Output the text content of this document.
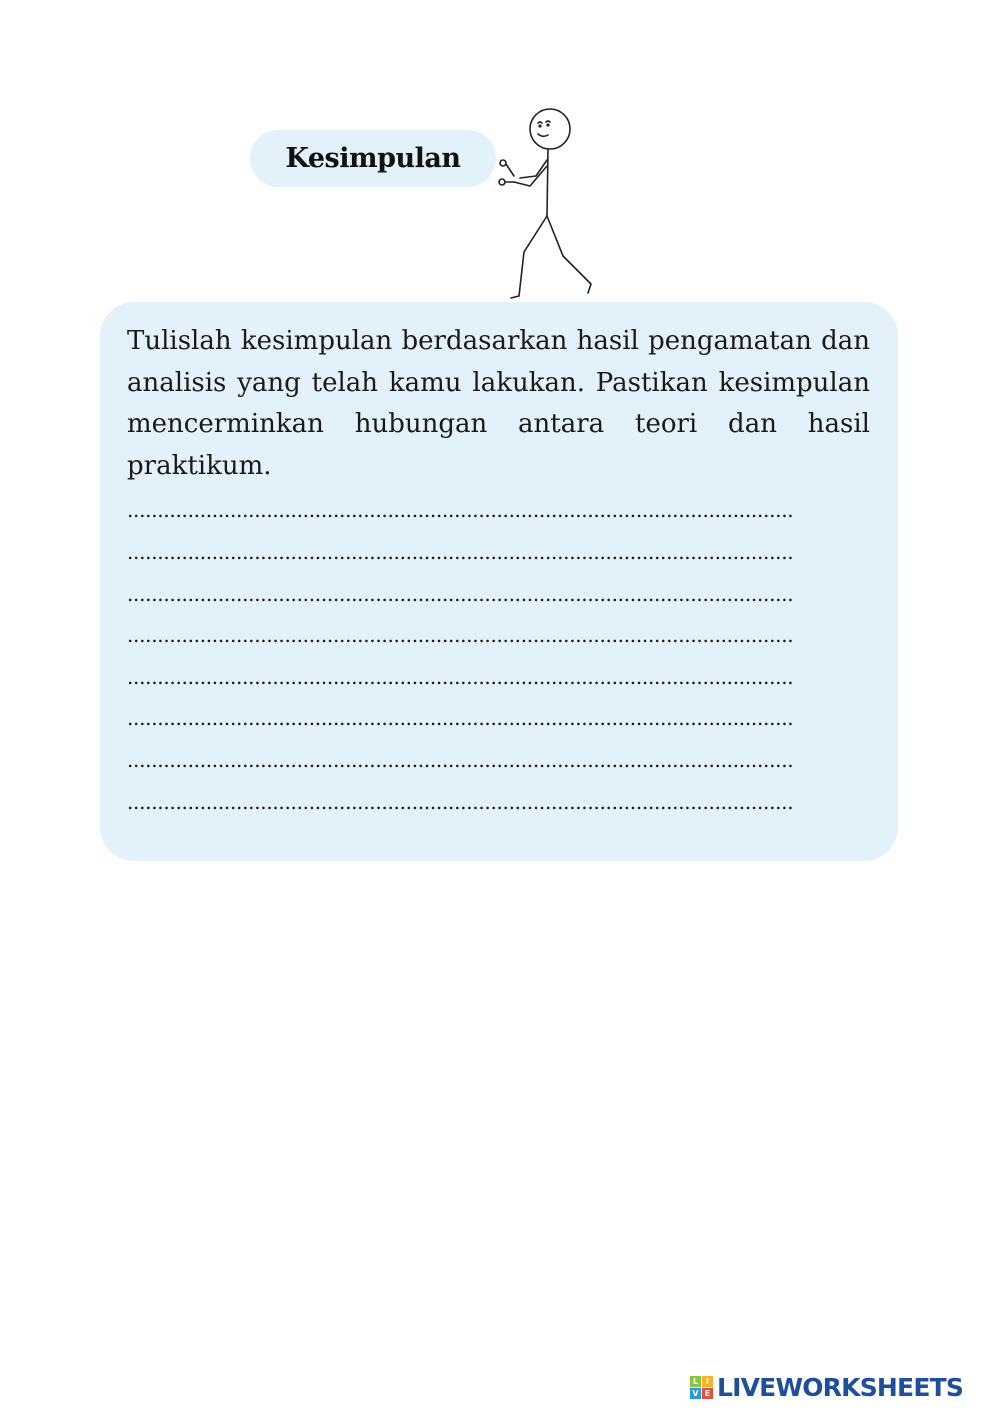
Kesimpulan

Tulislah kesimpulan berdasarkan hasil pengamatan dan analisis yang telah kamu lakukan. Pastikan kesimpulan mencerminkan hubungan antara teori dan hasil praktikum.

..............................................................................................................
..............................................................................................................
..............................................................................................................
..............................................................................................................
..............................................................................................................
..............................................................................................................
..............................................................................................................
..............................................................................................................
L I
V E LIVEWORKSHEETS
